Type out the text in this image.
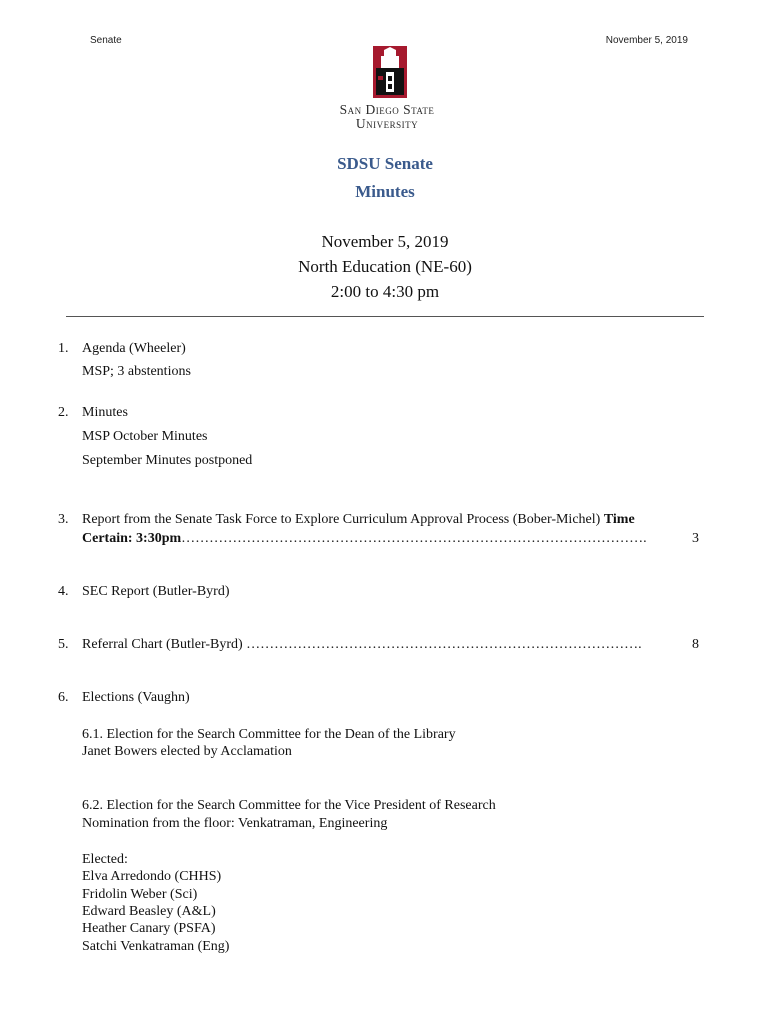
Senate	November 5, 2019
San Diego State
University
SDSU Senate
Minutes
November 5, 2019
North Education (NE-60)
2:00 to 4:30 pm
1. Agenda (Wheeler)
MSP; 3 abstentions
2. Minutes
MSP October Minutes
September Minutes postponed
3. Report from the Senate Task Force to Explore Curriculum Approval Process (Bober-Michel) Time
Certain: 3:30pm……………………………………………………………………………………….	3
4. SEC Report (Butler-Byrd)
5. Referral Chart (Butler-Byrd) ………………………………………………………………………….	8
6. Elections (Vaughn)
6.1. Election for the Search Committee for the Dean of the Library
Janet Bowers elected by Acclamation
6.2. Election for the Search Committee for the Vice President of Research
Nomination from the floor: Venkatraman, Engineering
Elected:
Elva Arredondo (CHHS)
Fridolin Weber (Sci)
Edward Beasley (A&L)
Heather Canary (PSFA)
Satchi Venkatraman (Eng)
